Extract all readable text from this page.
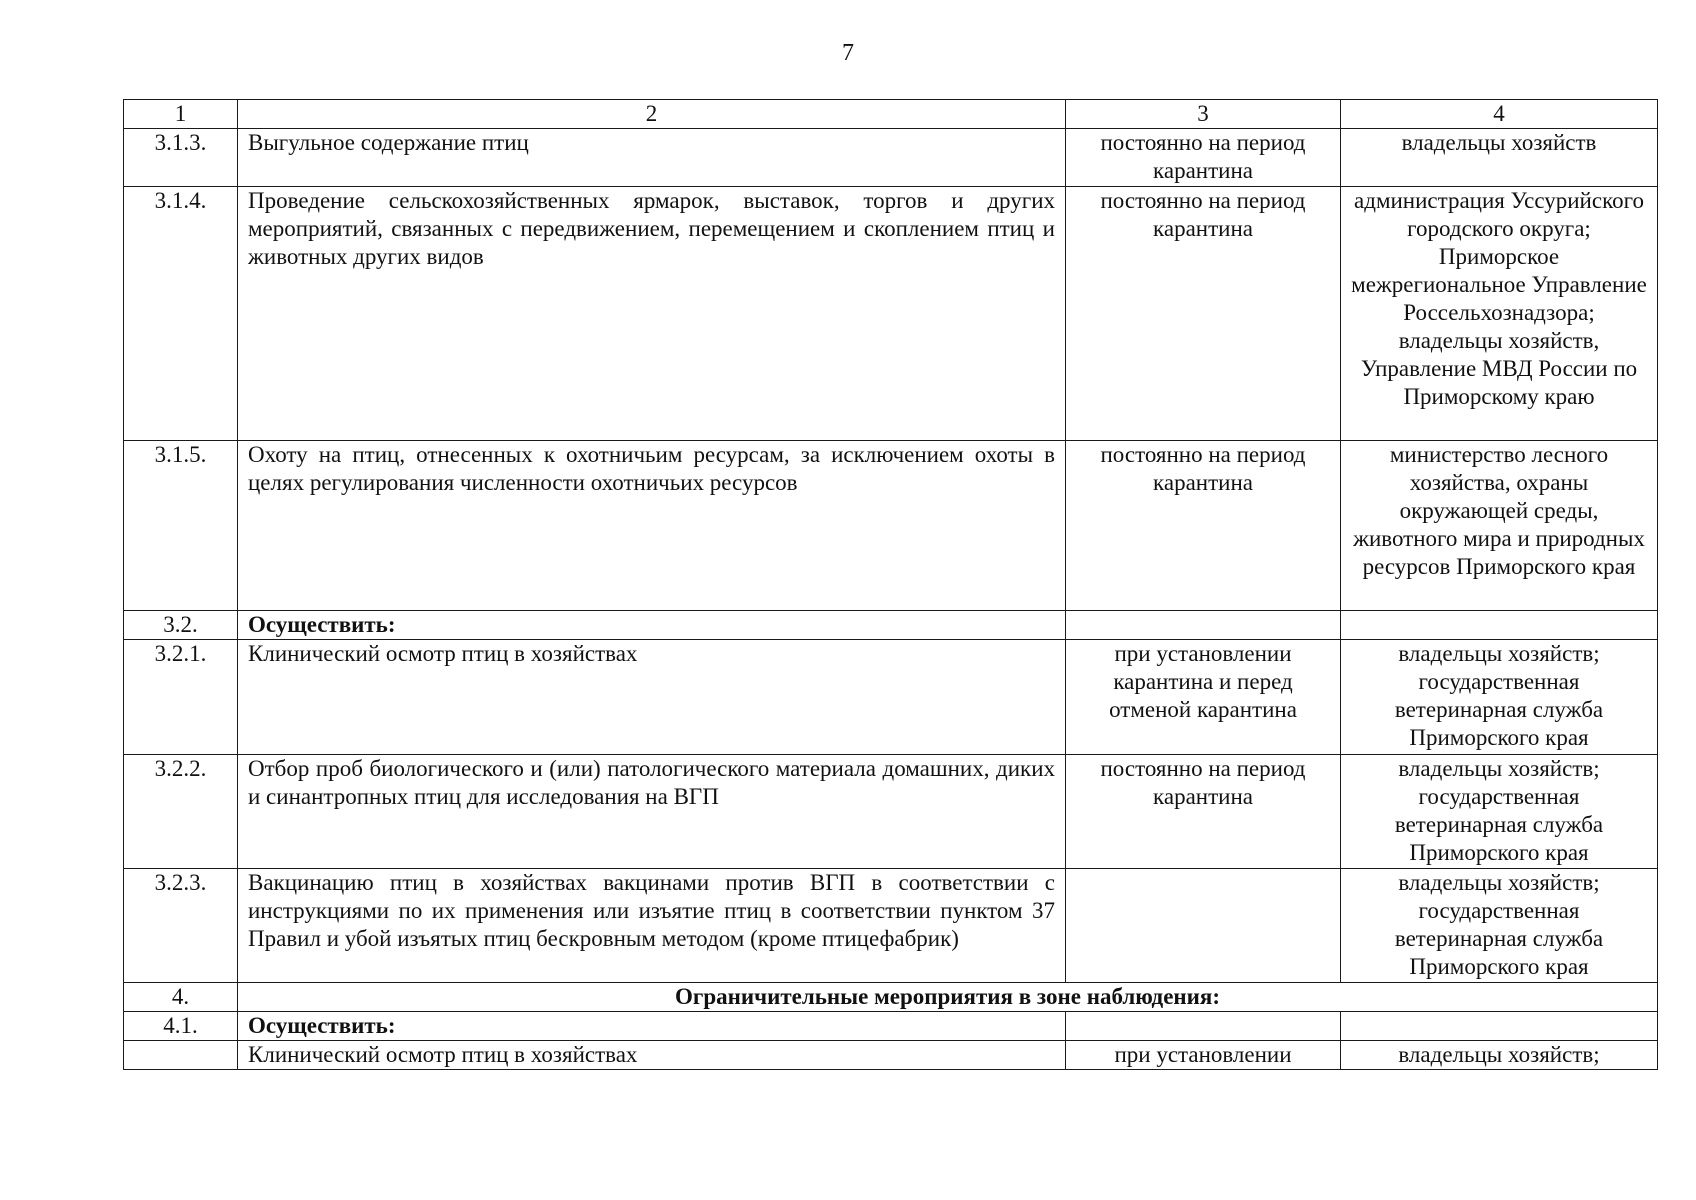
7
1	2	3	4
3.1.3.	Выгульное содержание птиц	постоянно на период карантина	владельцы хозяйств
3.1.4.	Проведение сельскохозяйственных ярмарок, выставок, торгов и других мероприятий, связанных с передвижением, перемещением и скоплением птиц и животных других видов	постоянно на период карантина	администрация Уссурийского городского округа; Приморское межрегиональное Управление Россельхознадзора; владельцы хозяйств, Управление МВД России по Приморскому краю
3.1.5.	Охоту на птиц, отнесенных к охотничьим ресурсам, за исключением охоты в целях регулирования численности охотничьих ресурсов	постоянно на период карантина	министерство лесного хозяйства, охраны окружающей среды, животного мира и природных ресурсов Приморского края
3.2.	Осуществить:		
3.2.1.	Клинический осмотр птиц в хозяйствах	при установлении карантина и перед отменой карантина	владельцы хозяйств; государственная ветеринарная служба Приморского края
3.2.2.	Отбор проб биологического и (или) патологического материала домашних, диких и синантропных птиц для исследования на ВГП	постоянно на период карантина	владельцы хозяйств; государственная ветеринарная служба Приморского края
3.2.3.	Вакцинацию птиц в хозяйствах вакцинами против ВГП в соответствии с инструкциями по их применения или изъятие птиц в соответствии пунктом 37 Правил и убой изъятых птиц бескровным методом (кроме птицефабрик)		владельцы хозяйств; государственная ветеринарная служба Приморского края
4.	Ограничительные мероприятия в зоне наблюдения:		
4.1.	Осуществить:		
	Клинический осмотр птиц в хозяйствах	при установлении	владельцы хозяйств;
